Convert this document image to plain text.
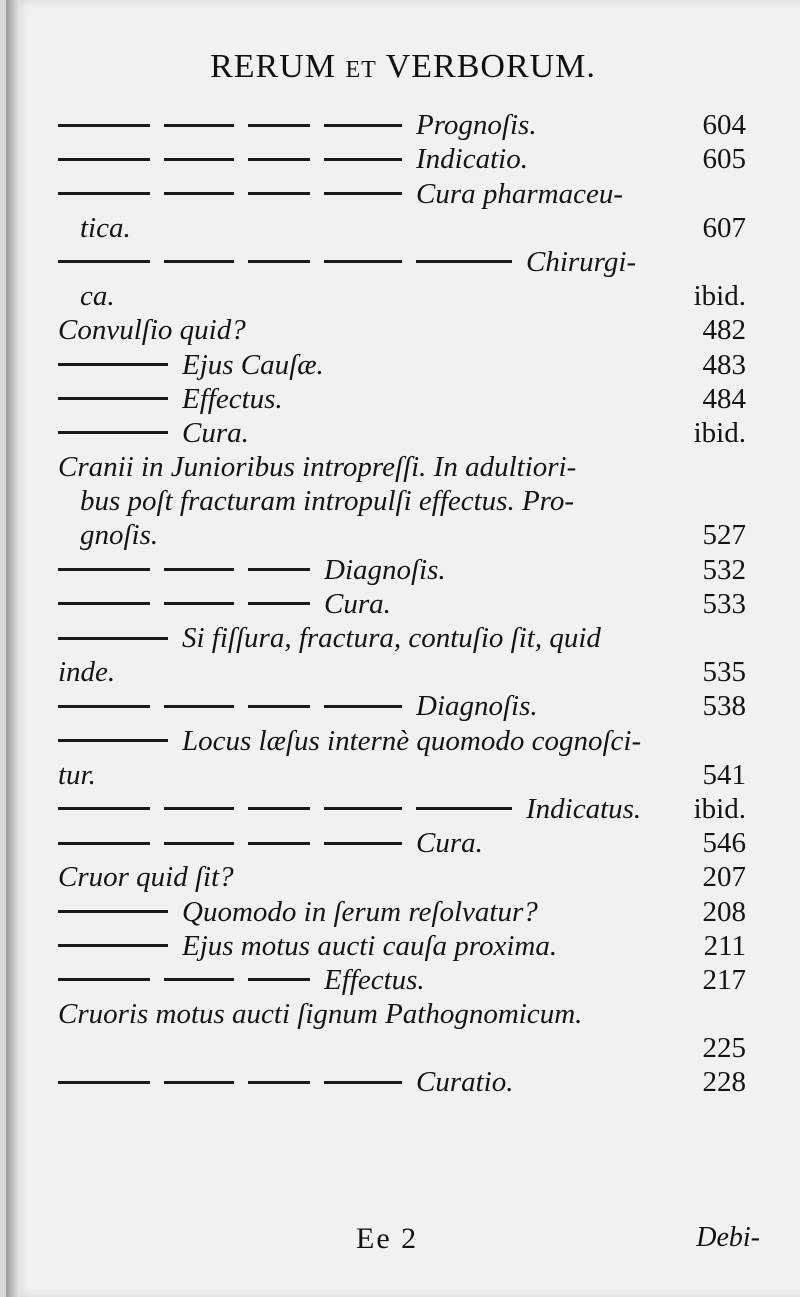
RERUM ET VERBORUM.
Prognoſis.	604
Indicatio.	605
Cura pharmaceu-
tica.	607
Chirurgi-
ca.	ibid.
Convulſio quid?	482
Ejus Cauſæ.	483
Effectus.	484
Cura.	ibid.
Cranii in Junioribus intropreſſi. In adultiori-
bus poſt fracturam intropulſi effectus. Pro-
gnoſis.	527
Diagnoſis.	532
Cura.	533
Si fiſſura, fractura, contuſio ſit, quid
inde.	535
Diagnoſis.	538
Locus læſus internè quomodo cognoſci-
tur.	541
Indicatus.	ibid.
Cura.	546
Cruor quid ſit?	207
Quomodo in ſerum reſolvatur?	208
Ejus motus aucti cauſa proxima.	211
Effectus.	217
Cruoris motus aucti ſignum Pathognomicum.
225
Curatio.	228
Ee 2	Debi-
